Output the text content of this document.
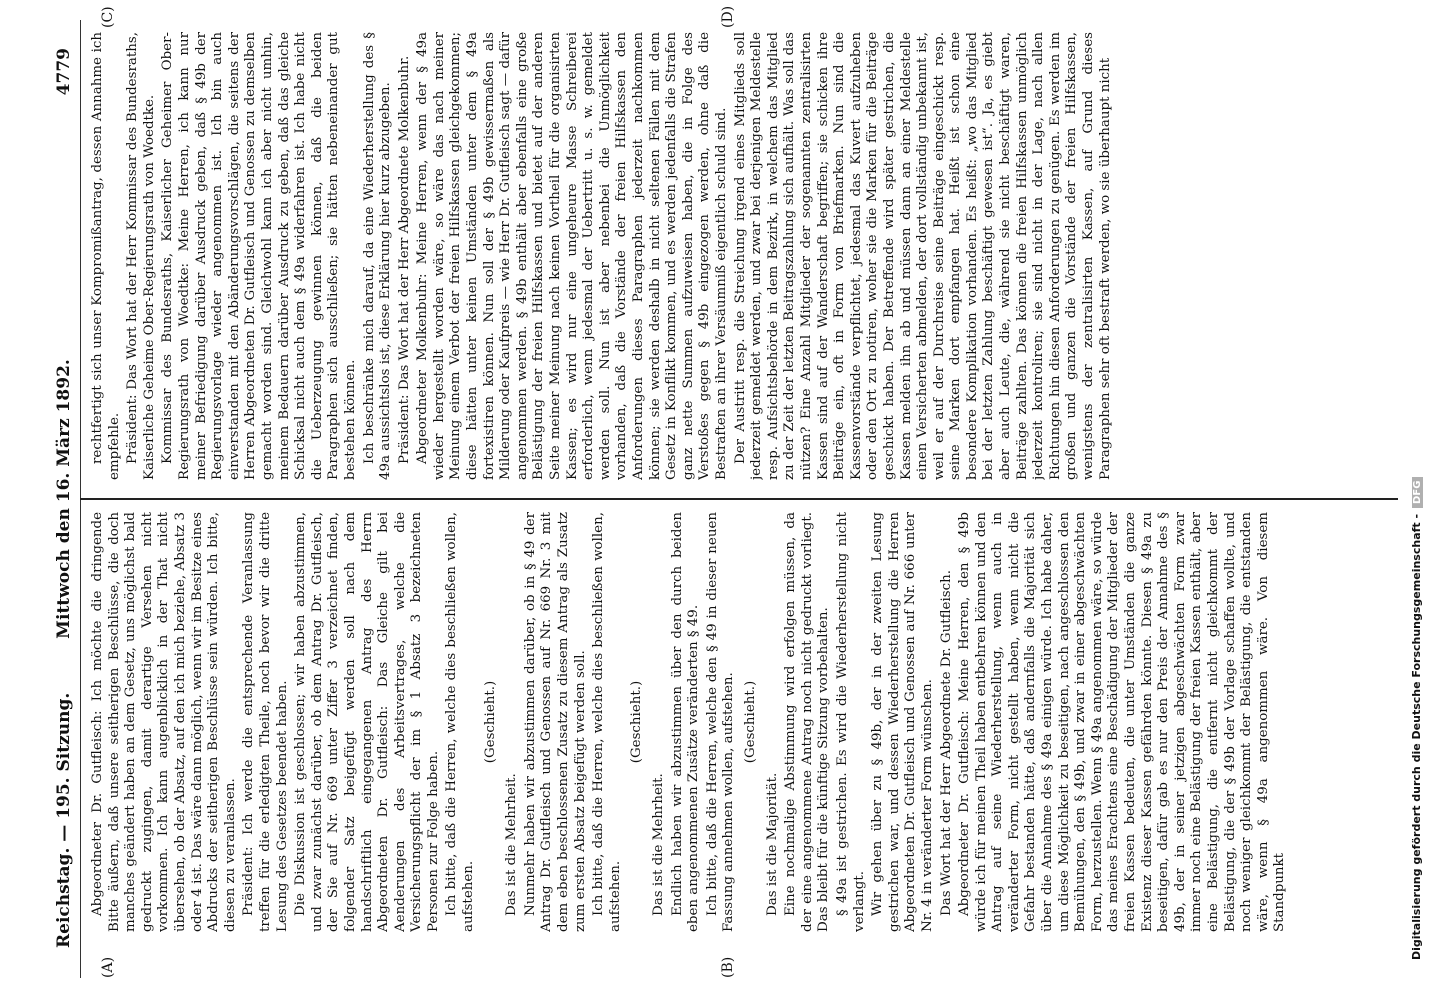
Reichstag. — 195. Sitzung.
Mittwoch den 16. März 1892.
4779
(A)	(B)
(C)	(D)

Abgeordneter Dr. Gutfleisch: Ich möchte die dringende Bitte äußern, daß unsere seitherigen Beschlüsse, die doch manches geändert haben an dem Gesetz, uns möglichst bald gedruckt zugingen, damit derartige Versehen nicht vorkommen. Ich kann augenblicklich in der That nicht übersehen, ob der Absatz, auf den ich mich beziehe, Absatz 3 oder 4 ist. Das wäre dann möglich, wenn wir im Besitze eines Abdrucks der seitherigen Beschlüsse sein würden. Ich bitte, diesen zu veranlassen. Präsident: Ich werde die entsprechende Veranlassung treffen für die erledigten Theile, noch bevor wir die dritte Lesung des Gesetzes beendet haben. Die Diskussion ist geschlossen; wir haben abzustimmen, und zwar zunächst darüber, ob dem Antrag Dr. Gutfleisch, der Sie auf Nr. 669 unter Ziffer 3 verzeichnet finden, folgender Satz beigefügt werden soll nach dem handschriftlich eingegangenen Antrag des Herrn Abgeordneten Dr. Gutfleisch: Das Gleiche gilt bei Aenderungen des Arbeitsvertrages, welche die Versicherungspflicht der im § 1 Absatz 3 bezeichneten Personen zur Folge haben. Ich bitte, daß die Herren, welche dies beschließen wollen, aufstehen.

(Geschieht.)

Das ist die Mehrheit. Nunmehr haben wir abzustimmen darüber, ob in § 49 der Antrag Dr. Gutfleisch und Genossen auf Nr. 669 Nr. 3 mit dem eben beschlossenen Zusatz zu diesem Antrag als Zusatz zum ersten Absatz beigefügt werden soll. Ich bitte, daß die Herren, welche dies beschließen wollen, aufstehen.

(Geschieht.)

Das ist die Mehrheit. Endlich haben wir abzustimmen über den durch beiden eben angenommenen Zusätze veränderten § 49. Ich bitte, daß die Herren, welche den § 49 in dieser neuen Fassung annehmen wollen, aufstehen. (Geschieht.)

Das ist die Majorität. Eine nochmalige Abstimmung wird erfolgen müssen, da der eine angenommene Antrag noch nicht gedruckt vorliegt. Das bleibt für die künftige Sitzung vorbehalten. § 49a ist gestrichen. Es wird die Wiederherstellung nicht verlangt. Wir gehen über zu § 49b, der in der zweiten Lesung gestrichen war, und dessen Wiederherstellung die Herren Abgeordneten Dr. Gutfleisch und Genossen auf Nr. 666 unter Nr. 4 in veränderter Form wünschen. Das Wort hat der Herr Abgeordnete Dr. Gutfleisch. Abgeordneter Dr. Gutfleisch: Meine Herren, den § 49b würde ich für meinen Theil haben entbehren können und den Antrag auf seine Wiederherstellung, wenn auch in veränderter Form, nicht gestellt haben, wenn nicht die Gefahr bestanden hätte, daß andernfalls die Majorität sich über die Annahme des § 49a einigen würde. Ich habe daher, um diese Möglichkeit zu beseitigen, nach angeschlossen den Bemühungen, den § 49b, und zwar in einer abgeschwächten Form, herzustellen. Wenn § 49a angenommen wäre, so würde das meines Erachtens eine Beschädigung der Mitglieder der freien Kassen bedeuten, die unter Umständen die ganze Existenz dieser Kassen gefährden könnte. Diesen § 49a zu beseitigen, dafür gab es nur den Preis der Annahme des § 49b, der in seiner jetzigen abgeschwächten Form zwar immer noch eine Belästigung der freien Kassen enthält, aber eine Belästigung, die entfernt nicht gleichkommt der Belästigung, die der § 49b der Vorlage schaffen wollte, und noch weniger gleichkommt der Belästigung, die entstanden wäre, wenn § 49a angenommen wäre. Von diesem Standpunkt

rechtfertigt sich unser Kompromißantrag, dessen Annahme ich empfehle. Präsident: Das Wort hat der Herr Kommissar des Bundesraths, Kaiserliche Geheime Ober-Regierungsrath von Woedtke. Kommissar des Bundesraths, Kaiserlicher Geheimer Ober-Regierungsrath von Woedtke: Meine Herren, ich kann nur meiner Befriedigung darüber Ausdruck geben, daß § 49b der Regierungsvorlage wieder angenommen ist. Ich bin auch einverstanden mit den Abänderungsvorschlägen, die seitens der Herren Abgeordneten Dr. Gutfleisch und Genossen zu demselben gemacht worden sind. Gleichwohl kann ich aber nicht umhin, meinem Bedauern darüber Ausdruck zu geben, daß das gleiche Schicksal nicht auch dem § 49a widerfahren ist. Ich habe nicht die Ueberzeugung gewinnen können, daß die beiden Paragraphen sich ausschließen; sie hätten nebeneinander gut bestehen können. Ich beschränke mich darauf, da eine Wiederherstellung des § 49a aussichtslos ist, diese Erklärung hier kurz abzugeben. Präsident: Das Wort hat der Herr Abgeordnete Molkenbuhr. Abgeordneter Molkenbuhr: Meine Herren, wenn der § 49a wieder hergestellt worden wäre, so wäre das nach meiner Meinung einem Verbot der freien Hilfskassen gleichgekommen; diese hätten unter keinen Umständen unter dem § 49a fortexistiren können. Nun soll der § 49b gewissermaßen als Milderung oder Kaufpreis — wie Herr Dr. Gutfleisch sagt — dafür angenommen werden. § 49b enthält aber ebenfalls eine große Belästigung der freien Hilfskassen und bietet auf der anderen Seite meiner Meinung nach keinen Vortheil für die organisirten Kassen; es wird nur eine ungeheure Masse Schreiberei erforderlich, wenn jedesmal der Uebertritt u. s. w. gemeldet werden soll. Nun ist aber nebenbei die Unmöglichkeit vorhanden, daß die Vorstände der freien Hilfskassen den Anforderungen dieses Paragraphen jederzeit nachkommen können; sie werden deshalb in nicht seltenen Fällen mit dem Gesetz in Konflikt kommen, und es werden jedenfalls die Strafen ganz nette Summen aufzuweisen haben, die in Folge des Verstoßes gegen § 49b eingezogen werden, ohne daß die Bestraften an ihrer Versäumniß eigentlich schuld sind. Der Austritt resp. die Streichung irgend eines Mitglieds soll jederzeit gemeldet werden, und zwar bei derjenigen Meldestelle resp. Aufsichtsbehörde in dem Bezirk, in welchem das Mitglied zu der Zeit der letzten Beitragszahlung sich aufhält. Was soll das nützen? Eine Anzahl Mitglieder der sogenannten zentralisirten Kassen sind auf der Wanderschaft begriffen; sie schicken ihre Beiträge ein, oft in Form von Briefmarken. Nun sind die Kassenvorstände verpflichtet, jedesmal das Kuvert aufzuheben oder den Ort zu notiren, woher sie die Marken für die Beiträge geschickt haben. Der Betreffende wird später gestrichen, die Kassen melden ihn ab und müssen dann an einer Meldestelle einen Versicherten abmelden, der dort vollständig unbekannt ist, weil er auf der Durchreise seine Beiträge eingeschickt resp. seine Marken dort empfangen hat. Heißt ist schon eine besondere Komplikation vorhanden. Es heißt: „wo das Mitglied bei der letzten Zahlung beschäftigt gewesen ist“. Ja, es giebt aber auch Leute, die, während sie nicht beschäftigt waren, Beiträge zahlten. Das können die freien Hilfskassen unmöglich jederzeit kontroliren; sie sind nicht in der Lage, nach allen Richtungen hin diesen Anforderungen zu genügen. Es werden im großen und ganzen die Vorstände der freien Hilfskassen, wenigstens der zentralisirten Kassen, auf Grund dieses Paragraphen sehr oft bestraft werden, wo sie überhaupt nicht

Digitalisierung gefördert durch die Deutsche Forschungsgemeinschaft -DFG
